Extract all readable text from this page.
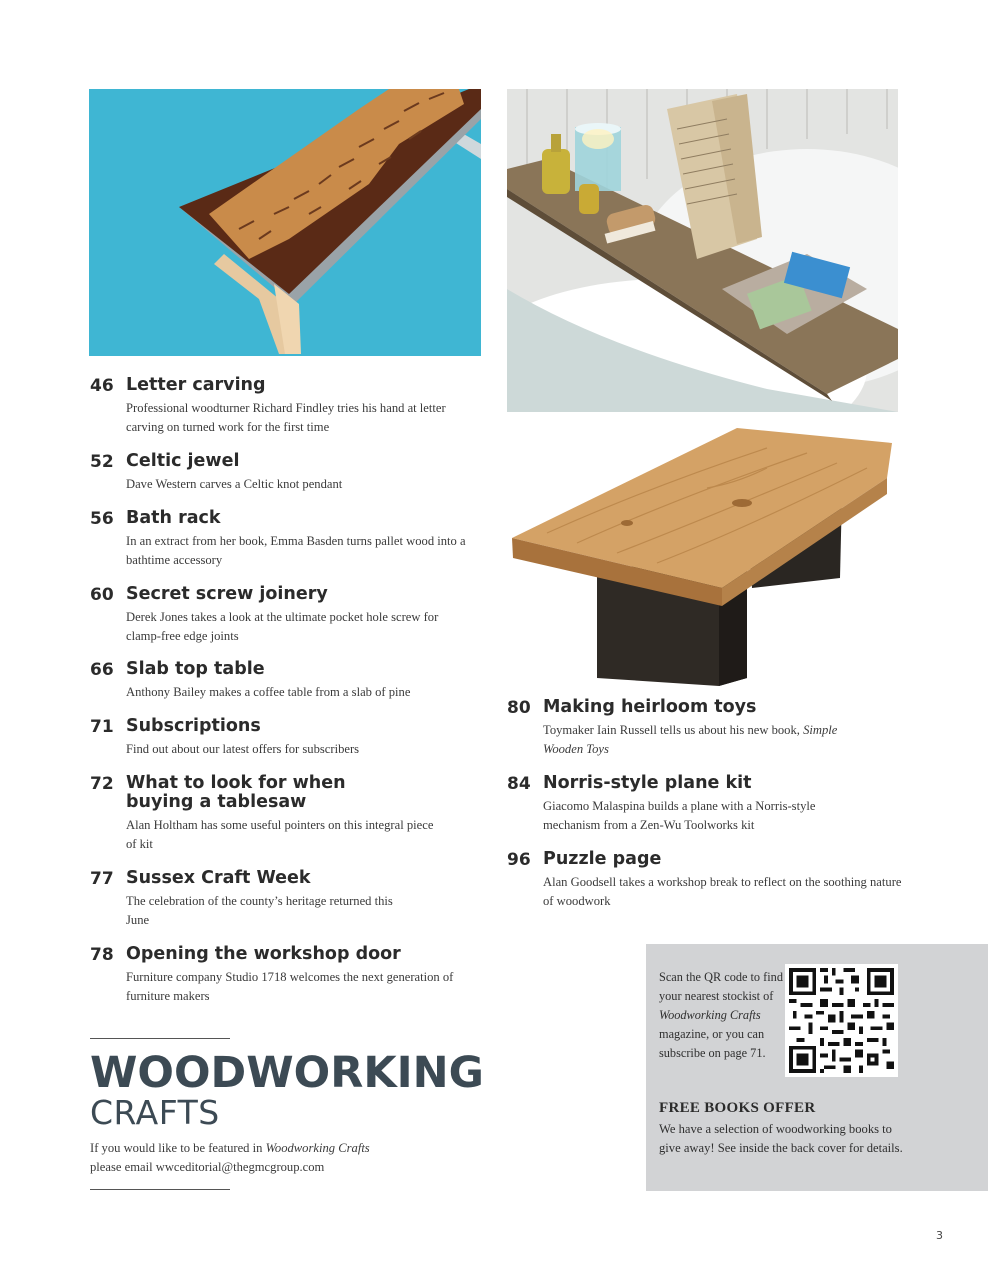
46 Letter carving
Professional woodturner Richard Findley tries his hand at letter carving on turned work for the first time
52 Celtic jewel
Dave Western carves a Celtic knot pendant
56 Bath rack
In an extract from her book, Emma Basden turns pallet wood into a bathtime accessory
60 Secret screw joinery
Derek Jones takes a look at the ultimate pocket hole screw for clamp-free edge joints
66 Slab top table
Anthony Bailey makes a coffee table from a slab of pine
71 Subscriptions
Find out about our latest offers for subscribers
72 What to look for when buying a tablesaw
Alan Holtham has some useful pointers on this integral piece of kit
77 Sussex Craft Week
The celebration of the county’s heritage returned this June
78 Opening the workshop door
Furniture company Studio 1718 welcomes the next generation of furniture makers
80 Making heirloom toys
Toymaker Iain Russell tells us about his new book, Simple Wooden Toys
84 Norris-style plane kit
Giacomo Malaspina builds a plane with a Norris-style mechanism from a Zen-Wu Toolworks kit
96 Puzzle page
Alan Goodsell takes a workshop break to reflect on the soothing nature of woodwork
WOODWORKING
CRAFTS
If you would like to be featured in Woodworking Crafts
please email wwceditorial@thegmcgroup.com
Scan the QR code to find your nearest stockist of Woodworking Crafts magazine, or you can subscribe on page 71.
FREE BOOKS OFFER
We have a selection of woodworking books to give away! See inside the back cover for details.
3
